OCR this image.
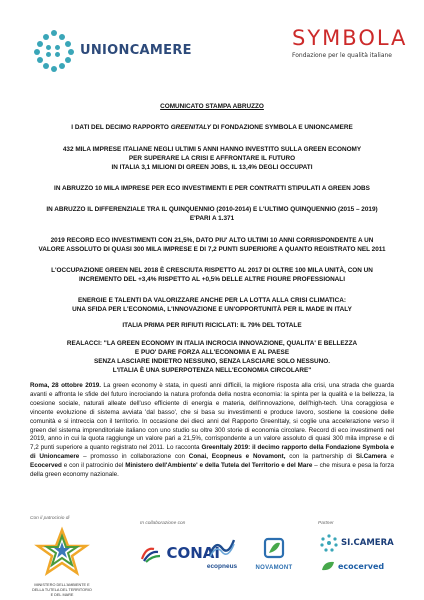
UNIONCAMERE	SYMBOLA
Fondazione per le qualità italiane

COMUNICATO STAMPA ABRUZZO

I DATI DEL DECIMO RAPPORTO GREENITALY DI FONDAZIONE SYMBOLA E UNIONCAMERE

432 MILA IMPRESE ITALIANE NEGLI ULTIMI 5 ANNI HANNO INVESTITO SULLA GREEN ECONOMY
PER SUPERARE LA CRISI E AFFRONTARE IL FUTURO
IN ITALIA 3,1 MILIONI DI GREEN JOBS, IL 13,4% DEGLI OCCUPATI

IN ABRUZZO 10 MILA IMPRESE PER ECO INVESTIMENTI E PER CONTRATTI STIPULATI A GREEN JOBS

IN ABRUZZO IL DIFFERENZIALE TRA IL QUINQUENNIO (2010-2014) E L'ULTIMO QUINQUENNIO (2015 – 2019)
E'PARI A 1.371

2019 RECORD ECO INVESTIMENTI CON 21,5%, DATO PIU' ALTO ULTIMI 10 ANNI CORRISPONDENTE A UN
VALORE ASSOLUTO DI QUASI 300 MILA IMPRESE E DI 7,2 PUNTI SUPERIORE A QUANTO REGISTRATO NEL 2011

L'OCCUPAZIONE GREEN NEL 2018 È CRESCIUTA RISPETTO AL 2017 DI OLTRE 100 MILA UNITÀ, CON UN
INCREMENTO DEL +3,4% RISPETTO AL +0,5% DELLE ALTRE FIGURE PROFESSIONALI

ENERGIE E TALENTI DA VALORIZZARE ANCHE PER LA LOTTA ALLA CRISI CLIMATICA:
UNA SFIDA PER L'ECONOMIA, L'INNOVAZIONE E UN'OPPORTUNITÀ PER IL MADE IN ITALY

ITALIA PRIMA PER RIFIUTI RICICLATI: IL 79% DEL TOTALE

REALACCI: "LA GREEN ECONOMY IN ITALIA INCROCIA INNOVAZIONE, QUALITA' E BELLEZZA
E PUO' DARE FORZA ALL'ECONOMIA E AL PAESE
SENZA LASCIARE INDIETRO NESSUNO, SENZA LASCIARE SOLO NESSUNO.
L'ITALIA È UNA SUPERPOTENZA NELL'ECONOMIA CIRCOLARE"

Roma, 28 ottobre 2019. La green economy è stata, in questi anni difficili, la migliore risposta alla crisi, una strada che guarda avanti e affronta le sfide del futuro incrociando la natura profonda della nostra economia: la spinta per la qualità e la bellezza, la coesione sociale, naturali alleate dell'uso efficiente di energia e materia, dell'innovazione, dell'high-tech. Una coraggiosa e vincente evoluzione di sistema avviata 'dal basso', che si basa su investimenti e produce lavoro, sostiene la coesione delle comunità e si intreccia con il territorio. In occasione dei dieci anni del Rapporto GreenItaly, si coglie una accelerazione verso il green del sistema imprenditoriale italiano con uno studio su oltre 300 storie di economia circolare. Record di eco investimenti nel 2019, anno in cui la quota raggiunge un valore pari a 21,5%, corrispondente a un valore assoluto di quasi 300 mila imprese e di 7,2 punti superiore a quanto registrato nel 2011. Lo racconta GreenItaly 2019: il decimo rapporto della Fondazione Symbola e di Unioncamere – promosso in collaborazione con Conai, Ecopneus e Novamont, con la partnership di Si.Camera e Ecocerved e con il patrocinio del Ministero dell'Ambiente' e della Tutela del Territorio e del Mare – che misura e pesa la forza della green economy nazionale.

Con il patrocinio di
In collaborazione con	Partner
MINISTERO DELL'AMBIENTE E DELLA TUTELA DEL TERRITORIO E DEL MARE
CONAI
ecopneus	NOVAMONT
SI.CAMERA
ecocerved
